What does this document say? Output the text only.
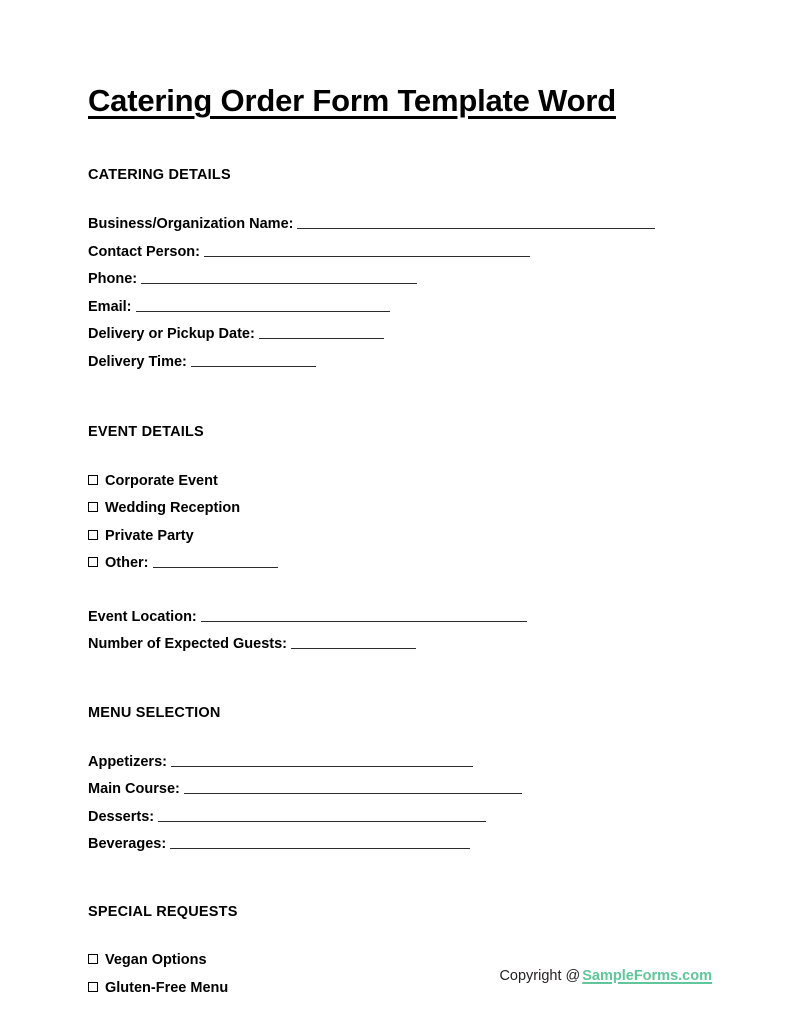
Catering Order Form Template Word
CATERING DETAILS
Business/Organization Name:
Contact Person:
Phone:
Email:
Delivery or Pickup Date:
Delivery Time:
EVENT DETAILS
Corporate Event
Wedding Reception
Private Party
Other:
Event Location:
Number of Expected Guests:
MENU SELECTION
Appetizers:
Main Course:
Desserts:
Beverages:
SPECIAL REQUESTS
Vegan Options
Gluten-Free Menu
Copyright @ SampleForms.com
